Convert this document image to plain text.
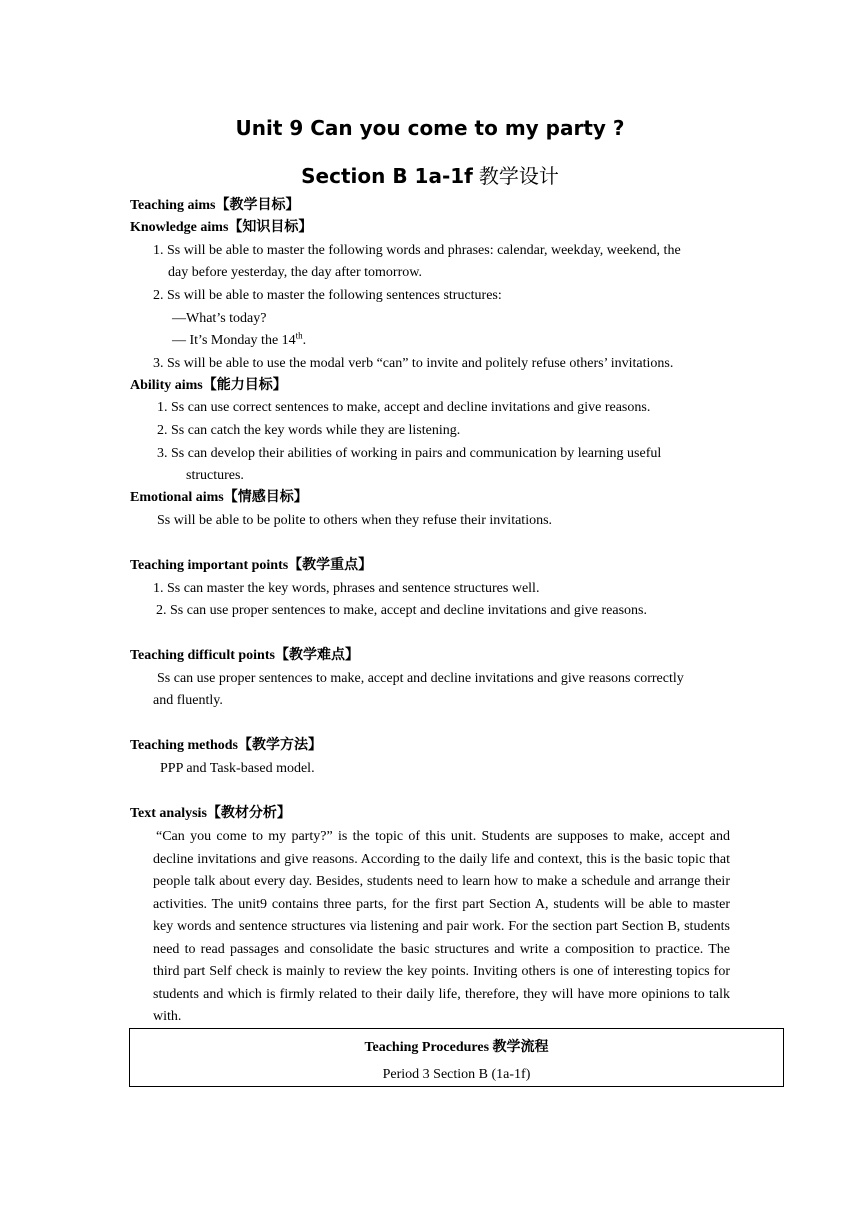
Unit 9 Can you come to my party ?
Section B 1a-1f 教学设计
Teaching aims【教学目标】
Knowledge aims【知识目标】
1. Ss will be able to master the following words and phrases: calendar, weekday, weekend, the
day before yesterday, the day after tomorrow.
2. Ss will be able to master the following sentences structures:
—What’s today?
— It’s Monday the 14th.
3. Ss will be able to use the modal verb “can” to invite and politely refuse others’ invitations.
Ability aims【能力目标】
1. Ss can use correct sentences to make, accept and decline invitations and give reasons.
2. Ss can catch the key words while they are listening.
3. Ss can develop their abilities of working in pairs and communication by learning useful
structures.
Emotional aims【情感目标】
Ss will be able to be polite to others when they refuse their invitations.
Teaching important points【教学重点】
1. Ss can master the key words, phrases and sentence structures well.
2. Ss can use proper sentences to make, accept and decline invitations and give reasons.
Teaching difficult points【教学难点】
Ss can use proper sentences to make, accept and decline invitations and give reasons correctly
and fluently.
Teaching methods【教学方法】
PPP and Task-based model.
Text analysis【教材分析】
“Can you come to my party?” is the topic of this unit. Students are supposes to make, accept and decline invitations and give reasons. According to the daily life and context, this is the basic topic that people talk about every day. Besides, students need to learn how to make a schedule and arrange their activities. The unit9 contains three parts, for the first part Section A, students will be able to master key words and sentence structures via listening and pair work. For the section part Section B, students need to read passages and consolidate the basic structures and write a composition to practice. The third part Self check is mainly to review the key points. Inviting others is one of interesting topics for students and which is firmly related to their daily life, therefore, they will have more opinions to talk with.
Teaching Procedures 教学流程
Period 3 Section B (1a-1f)
